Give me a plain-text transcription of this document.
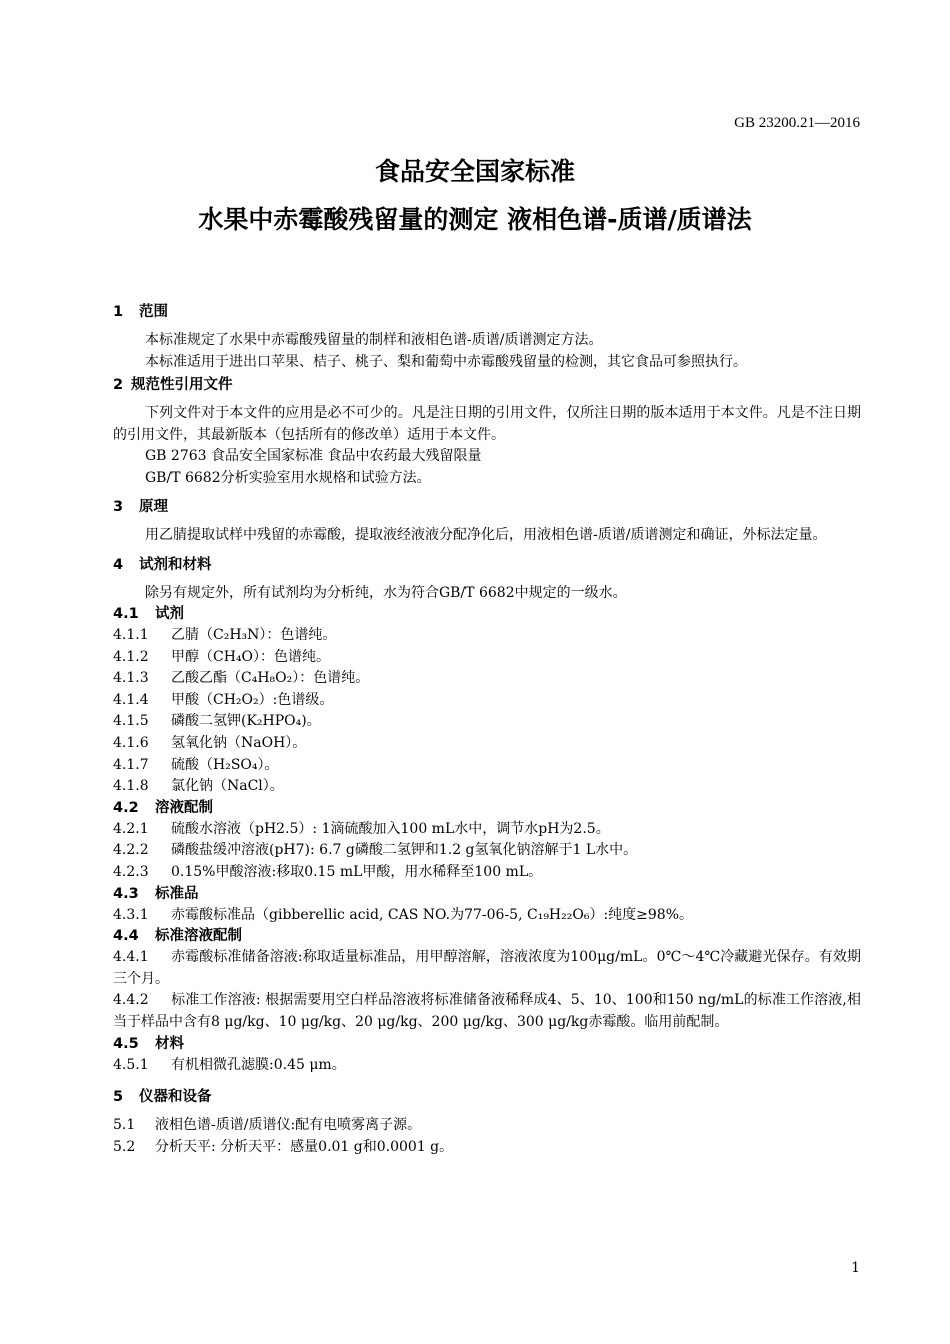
GB 23200.21—2016
食品安全国家标准
水果中赤霉酸残留量的测定 液相色谱-质谱/质谱法
1 范围

本标准规定了水果中赤霉酸残留量的制样和液相色谱-质谱/质谱测定方法。

本标准适用于进出口苹果、桔子、桃子、梨和葡萄中赤霉酸残留量的检测，其它食品可参照执行。

2 规范性引用文件

下列文件对于本文件的应用是必不可少的。凡是注日期的引用文件，仅所注日期的版本适用于本文件。凡是不注日期的引用文件，其最新版本（包括所有的修改单）适用于本文件。

GB 2763 食品安全国家标准 食品中农药最大残留限量

GB/T 6682分析实验室用水规格和试验方法。

3 原理

用乙腈提取试样中残留的赤霉酸，提取液经液液分配净化后，用液相色谱-质谱/质谱测定和确证，外标法定量。

4 试剂和材料

除另有规定外，所有试剂均为分析纯，水为符合GB/T 6682中规定的一级水。

4.1 试剂

4.1.1 乙腈（C₂H₃N）：色谱纯。

4.1.2 甲醇（CH₄O）：色谱纯。

4.1.3 乙酸乙酯（C₄H₈O₂）：色谱纯。

4.1.4 甲酸（CH₂O₂）:色谱级。

4.1.5 磷酸二氢钾(K₂HPO₄)。

4.1.6 氢氧化钠（NaOH）。

4.1.7 硫酸（H₂SO₄）。

4.1.8 氯化钠（NaCl）。

4.2 溶液配制

4.2.1 硫酸水溶液（pH2.5）: 1滴硫酸加入100 mL水中，调节水pH为2.5。

4.2.2 磷酸盐缓冲溶液(pH7): 6.7 g磷酸二氢钾和1.2 g氢氧化钠溶解于1 L水中。

4.2.3 0.15%甲酸溶液:移取0.15 mL甲酸，用水稀释至100 mL。

4.3 标准品

4.3.1 赤霉酸标准品（gibberellic acid, CAS NO.为77-06-5, C₁₉H₂₂O₆）:纯度≥98%。

4.4 标准溶液配制

4.4.1 赤霉酸标准储备溶液:称取适量标准品，用甲醇溶解，溶液浓度为100μg/mL。0℃～4℃冷藏避光保存。有效期三个月。

4.4.2 标准工作溶液: 根据需要用空白样品溶液将标准储备液稀释成4、5、10、100和150 ng/mL的标准工作溶液,相当于样品中含有8 μg/kg、10 μg/kg、20 μg/kg、200 μg/kg、300 μg/kg赤霉酸。临用前配制。

4.5 材料

4.5.1 有机相微孔滤膜:0.45 μm。

5 仪器和设备

5.1 液相色谱-质谱/质谱仪:配有电喷雾离子源。

5.2 分析天平: 分析天平：感量0.01 g和0.0001 g。

1
